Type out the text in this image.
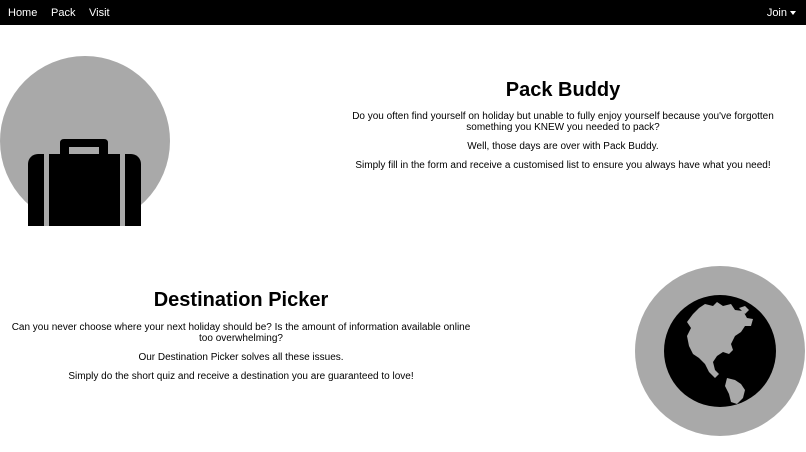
Home Pack Visit	Join
Pack Buddy

Do you often find yourself on holiday but unable to fully enjoy yourself because you've forgotten something you KNEW you needed to pack?

Well, those days are over with Pack Buddy.

Simply fill in the form and receive a customised list to ensure you always have what you need!

Destination Picker

Can you never choose where your next holiday should be? Is the amount of information available online too overwhelming?

Our Destination Picker solves all these issues.

Simply do the short quiz and receive a destination you are guaranteed to love!
